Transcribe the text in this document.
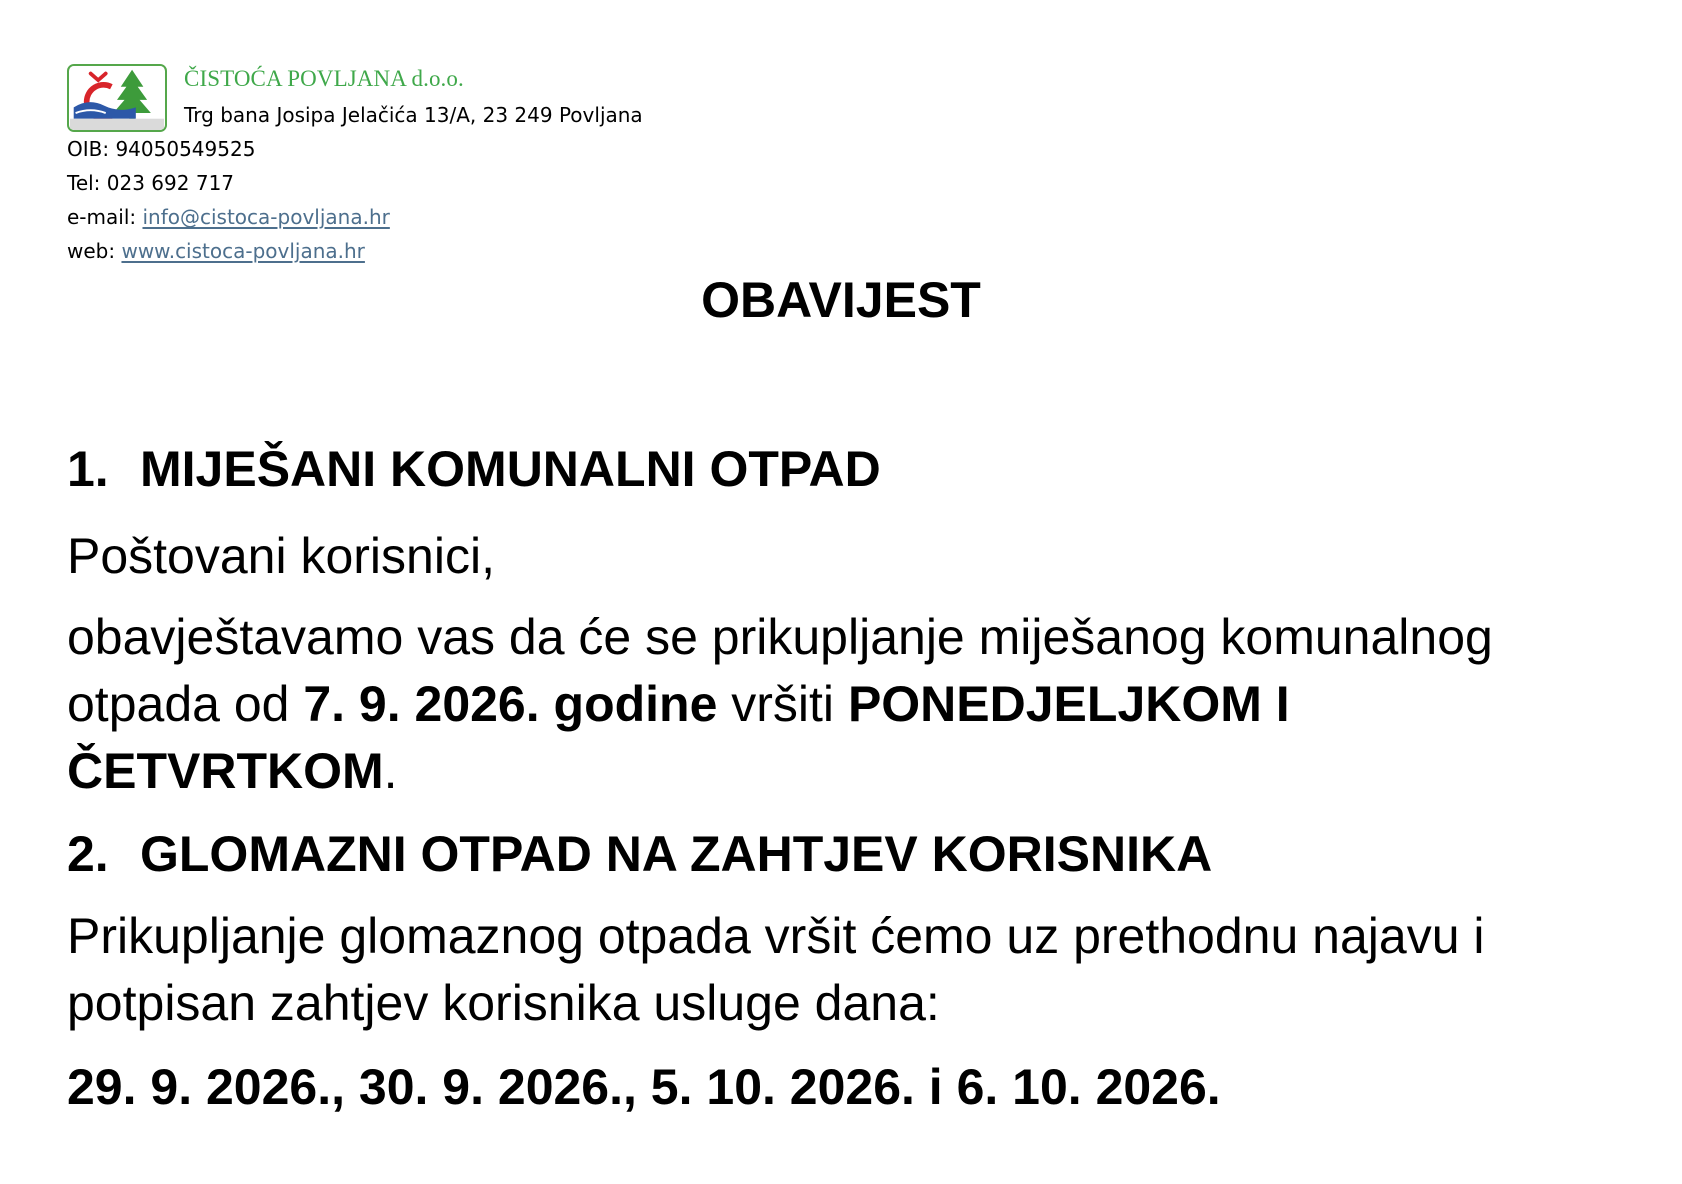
ČISTOĆA POVLJANA d.o.o.
Trg bana Josipa Jelačića 13/A, 23 249 Povljana
OIB: 94050549525
Tel: 023 692 717
e-mail: info@cistoca-povljana.hr
web: www.cistoca-povljana.hr
OBAVIJEST
1. MIJEŠANI KOMUNALNI OTPAD
Poštovani korisnici,
obavještavamo vas da će se prikupljanje miješanog komunalnog otpada od 7. 9. 2026. godine vršiti PONEDJELJKOM I ČETVRTKOM.
2. GLOMAZNI OTPAD NA ZAHTJEV KORISNIKA
Prikupljanje glomaznog otpada vršit ćemo uz prethodnu najavu i potpisan zahtjev korisnika usluge dana:
29. 9. 2026., 30. 9. 2026., 5. 10. 2026. i 6. 10. 2026.
